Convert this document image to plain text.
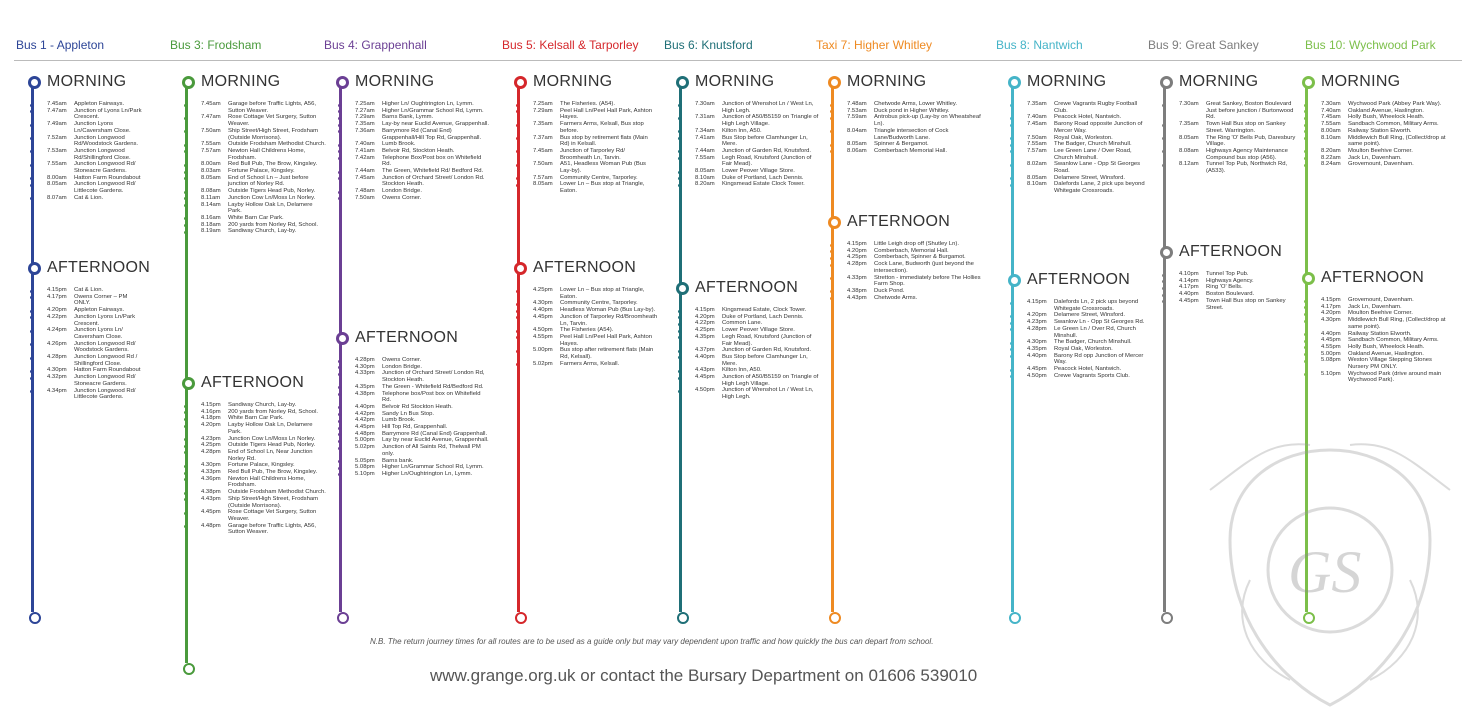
Bus 1 - Appleton
MORNING
7.45am Appleton Fairways.
7.47am Junction of Lyons Ln/Park Crescent.
7.49am Junction Lyons Ln/Caversham Close.
7.52am Junction Longwood Rd/Woodstock Gardens.
7.53am Junction Longwood Rd/Shillingford Close.
7.55am Junction Longwood Rd/ Stoneacre Gardens.
8.00am Hatton Farm Roundabout
8.05am Junction Longwood Rd/ Littlecote Gardens.
8.07am Cat & Lion.
AFTERNOON
4.15pm Cat & Lion.
4.17pm Owens Corner – PM ONLY.
4.20pm Appleton Fairways.
4.22pm Junction Lyons Ln/Park Crescent.
4.24pm Junction Lyons Ln/ Caversham Close.
4.26pm Junction Longwood Rd/ Woodstock Gardens.
4.28pm Junction Longwood Rd / Shillingford Close.
4.30pm Hatton Farm Roundabout
4.32pm Junction Longwood Rd/ Stoneacre Gardens.
4.34pm Junction Longwood Rd/ Littlecote Gardens.
Bus 3: Frodsham
MORNING
7.45am Garage before Traffic Lights, A56, Sutton Weaver.
7.47am Rose Cottage Vet Surgery, Sutton Weaver.
7.50am Ship Street/High Street, Frodsham (Outside Morrisons).
7.55am Outside Frodsham Methodist Church.
7.57am Newton Hall Childrens Home, Frodsham.
8.00am Red Bull Pub, The Brow, Kingsley.
8.03am Fortune Palace, Kingsley.
8.05am End of School Ln – Just before junction of Norley Rd.
8.08am Outside Tigers Head Pub, Norley.
8.11am Junction Cow Ln/Moss Ln Norley.
8.14am Layby Hollow Oak Ln, Delamere Park.
8.16am White Barn Car Park.
8.18am 200 yards from Norley Rd, School.
8.19am Sandiway Church, Lay-by.
AFTERNOON
4.15pm Sandiway Church, Lay-by.
4.16pm 200 yards from Norley Rd, School.
4.18pm White Barn Car Park.
4.20pm Layby Hollow Oak Ln, Delamere Park.
4.23pm Junction Cow Ln/Moss Ln Norley.
4.25pm Outside Tigers Head Pub, Norley.
4.28pm End of School Ln, Near Junction Norley Rd.
4.30pm Fortune Palace, Kingsley.
4.33pm Red Bull Pub, The Brow, Kingsley.
4.36pm Newton Hall Childrens Home, Frodsham.
4.38pm Outside Frodsham Methodist Church.
4.43pm Ship Street/High Street, Frodsham (Outside Morrisons).
4.45pm Rose Cottage Vet Surgery, Sutton Weaver.
4.48pm Garage before Traffic Lights, A56, Sutton Weaver.
Bus 4: Grappenhall
MORNING
7.25am Higher Ln/ Oughtrington Ln, Lymm.
7.27am Higher Ln/Grammar School Rd, Lymm.
7.29am Barns Bank, Lymm.
7.35am Lay-by near Euclid Avenue, Grappenhall.
7.36am Barrymore Rd (Canal End) Grappenhall/Hill Top Rd, Grappenhall.
7.40am Lumb Brook.
7.41am Belvoir Rd, Stockton Heath.
7.42am Telephone Box/Post box on Whitefield Rd.
7.44am The Green, Whitefield Rd/ Bedford Rd.
7.45am Junction of Orchard Street/ London Rd. Stockton Heath.
7.48am London Bridge.
7.50am Owens Corner.
AFTERNOON
4.28pm Owens Corner.
4.30pm London Bridge.
4.33pm Junction of Orchard Street/ London Rd, Stockton Heath.
4.35pm The Green - Whitefield Rd/Bedford Rd.
4.38pm Telephone box/Post box on Whitefield Rd.
4.40pm Belvoir Rd Stockton Heath.
4.42pm Sandy Ln Bus Stop.
4.42pm Lumb Brook.
4.45pm Hill Top Rd, Grappenhall.
4.48pm Barrymore Rd (Canal End) Grappenhall.
5.00pm Lay by near Euclid Avenue, Grappenhall.
5.02pm Junction of All Saints Rd, Thelwall PM only.
5.05pm Barns bank.
5.08pm Higher Ln/Grammar School Rd, Lymm.
5.10pm Higher Ln/Oughtrington Ln, Lymm.
Bus 5: Kelsall & Tarporley
MORNING
7.25am The Fisheries. (A54).
7.29am Peel Hall Ln/Peel Hall Park, Ashton Hayes.
7.35am Farmers Arms, Kelsall, Bus stop before.
7.37am Bus stop by retirement flats (Main Rd) in Kelsall.
7.45am Junction of Tarporley Rd/ Broomheath Ln, Tarvin.
7.50am A51, Headless Woman Pub (Bus Lay-by).
7.57am Community Centre, Tarporley.
8.05am Lower Ln – Bus stop at Triangle, Eaton.
AFTERNOON
4.25pm Lower Ln – Bus stop at Triangle, Eaton.
4.30pm Community Centre, Tarporley.
4.40pm Headless Woman Pub (Bus Lay-by).
4.45pm Junction of Tarporley Rd/Broomheath Ln, Tarvin.
4.50pm The Fisheries (A54).
4.55pm Peel Hall Ln/Peel Hall Park, Ashton Hayes.
5.00pm Bus stop after retirement flats (Main Rd, Kelsall).
5.02pm Farmers Arms, Kelsall.
Bus 6: Knutsford
MORNING
7.30am Junction of Wrenshot Ln / West Ln, High Legh.
7.31am Junction of A50/B5159 on Triangle of High Legh Village.
7.34am Kilton Inn, A50.
7.41am Bus Stop before Clamhunger Ln, Mere.
7.44am Junction of Garden Rd, Knutsford.
7.55am Legh Road, Knutsford (Junction of Fair Mead).
8.05am Lower Peover Village Store.
8.10am Duke of Portland, Lach Dennis.
8.20am Kingsmead Estate Clock Tower.
AFTERNOON
4.15pm Kingsmead Estate, Clock Tower.
4.20pm Duke of Portland, Lach Dennis.
4.22pm Common Lane.
4.25pm Lower Peover Village Store.
4.35pm Legh Road, Knutsford (Junction of Fair Mead).
4.37pm Junction of Garden Rd, Knutsford.
4.40pm Bus Stop before Clamhunger Ln, Mere.
4.43pm Kilton Inn, A50.
4.45pm Junction of A50/B5159 on Triangle of High Legh Village.
4.50pm Junction of Wrenshot Ln / West Ln, High Legh.
Taxi 7: Higher Whitley
MORNING
7.48am Chetwode Arms, Lower Whitley.
7.53am Duck pond in Higher Whitley.
7.59am Antrobus pick-up (Lay-by on Wheatsheaf Ln).
8.04am Triangle intersection of Cock Lane/Budworth Lane.
8.05am Spinner & Bergamot.
8.06am Comberbach Memorial Hall.
AFTERNOON
4.15pm Little Leigh drop off (Shutley Ln).
4.20pm Comberbach, Memorial Hall.
4.25pm Comberbach, Spinner & Burgamot.
4.28pm Cock Lane, Budworth (just beyond the intersection).
4.33pm Stretton - immediately before The Hollies Farm Shop.
4.38pm Duck Pond.
4.43pm Chetwode Arms.
Bus 8: Nantwich
MORNING
7.35am Crewe Vagrants Rugby Football Club.
7.40am Peacock Hotel, Nantwich.
7.45am Barony Road opposite Junction of Mercer Way.
7.50am Royal Oak, Worleston.
7.55am The Badger, Church Minshull.
7.57am Lee Green Lane / Over Road, Church Minshull.
8.02am Swanlow Lane - Opp St Georges Road.
8.05am Delamere Street, Winsford.
8.10am Dalefords Lane, 2 pick ups beyond Whitegate Crossroads.
AFTERNOON
4.15pm Dalefords Ln, 2 pick ups beyond Whitegate Crossroads.
4.20pm Delamere Street, Winsford.
4.23pm Swanlow Ln - Opp St Georges Rd.
4.28pm Le Green Ln / Over Rd, Church Minshull.
4.30pm The Badger, Church Minshull.
4.35pm Royal Oak, Worleston.
4.40pm Barony Rd opp Junction of Mercer Way.
4.45pm Peacock Hotel, Nantwich.
4.50pm Crewe Vagrants Sports Club.
Bus 9: Great Sankey
MORNING
7.30am Great Sankey, Boston Boulevard Just before junction / Burtonwood Rd.
7.35am Town Hall Bus stop on Sankey Street. Warrington.
8.05am The Ring 'O' Bells Pub, Daresbury Village.
8.08am Highways Agency Maintenance Compound bus stop (A56).
8.12am Tunnel Top Pub, Northwich Rd, (A533).
AFTERNOON
4.10pm Tunnel Top Pub.
4.14pm Highways Agency.
4.17pm Ring 'O' Bells.
4.40pm Boston Boulevard.
4.45pm Town Hall Bus stop on Sankey Street.
Bus 10: Wychwood Park
MORNING
7.30am Wychwood Park (Abbey Park Way).
7.40am Oakland Avenue, Haslington.
7.45am Holly Bush, Wheelock Heath.
7.55am Sandbach Common, Military Arms.
8.00am Railway Station Elworth.
8.10am Middlewich Bull Ring, (Collect/drop at same point).
8.20am Moulton Beehive Corner.
8.22am Jack Ln, Davenham.
8.24am Grovemount, Davenham.
AFTERNOON
4.15pm Grovemount, Davenham.
4.17pm Jack Ln, Davenham.
4.20pm Moulton Beehive Corner.
4.30pm Middlewich Bull Ring, (Collect/drop at same point).
4.40pm Railway Station Elworth.
4.45pm Sandbach Common, Military Arms.
4.55pm Holly Bush, Wheelock Heath.
5.00pm Oakland Avenue, Haslington.
5.08pm Weston Village Stepping Stones Nursery PM ONLY.
5.10pm Wychwood Park (drive around main Wychwood Park).
GS
N.B. The return journey times for all routes are to be used as a guide only but may vary dependent upon traffic and how quickly the bus can depart from school.
www.grange.org.uk or contact the Bursary Department on 01606 539010
